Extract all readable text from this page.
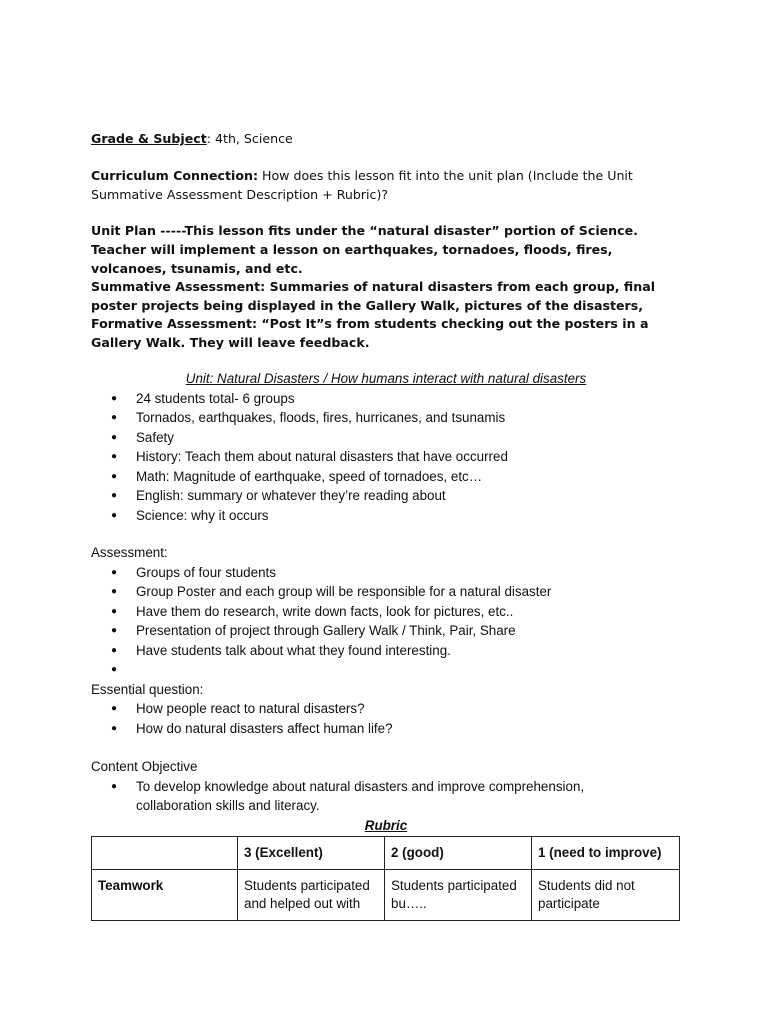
Grade & Subject: 4th, Science

Curriculum Connection: How does this lesson fit into the unit plan (Include the Unit Summative Assessment Description + Rubric)?

Unit Plan -----This lesson fits under the “natural disaster” portion of Science. Teacher will implement a lesson on earthquakes, tornadoes, floods, fires, volcanoes, tsunamis, and etc.

Summative Assessment: Summaries of natural disasters from each group, final poster projects being displayed in the Gallery Walk, pictures of the disasters,

Formative Assessment: “Post It”s from students checking out the posters in a Gallery Walk. They will leave feedback.

Unit: Natural Disasters / How humans interact with natural disasters

● 24 students total- 6 groups
● Tornados, earthquakes, floods, fires, hurricanes, and tsunamis
● Safety
● History: Teach them about natural disasters that have occurred
● Math: Magnitude of earthquake, speed of tornadoes, etc…
● English: summary or whatever they’re reading about
● Science: why it occurs

Assessment:

● Groups of four students
● Group Poster and each group will be responsible for a natural disaster
● Have them do research, write down facts, look for pictures, etc..
● Presentation of project through Gallery Walk / Think, Pair, Share
● Have students talk about what they found interesting.
●

Essential question:

● How people react to natural disasters?
● How do natural disasters affect human life?

Content Objective

● To develop knowledge about natural disasters and improve comprehension, collaboration skills and literacy.

Rubric

	3 (Excellent)	2 (good)	1 (need to improve)
Teamwork	Students participated and helped out with	Students participated bu…..	Students did not participate
